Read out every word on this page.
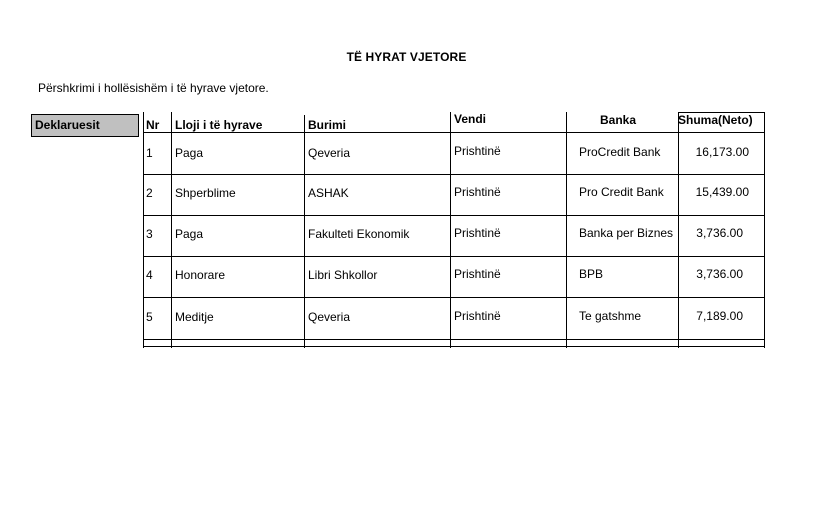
TË HYRAT VJETORE
Përshkrimi i hollësishëm i të hyrave vjetore.
Deklaruesit	Nr Lloji i të hyrave	Burimi	Vendi	Banka	Shuma(Neto)
1 Paga	Qeveria	Prishtinë	ProCredit Bank	16,173.00
2 Shperblime	ASHAK	Prishtinë	Pro Credit Bank	15,439.00
3 Paga	Fakulteti Ekonomik	Prishtinë	Banka per Biznes	3,736.00
4 Honorare	Libri Shkollor	Prishtinë	BPB	3,736.00
5 Meditje	Qeveria	Prishtinë	Te gatshme	7,189.00
